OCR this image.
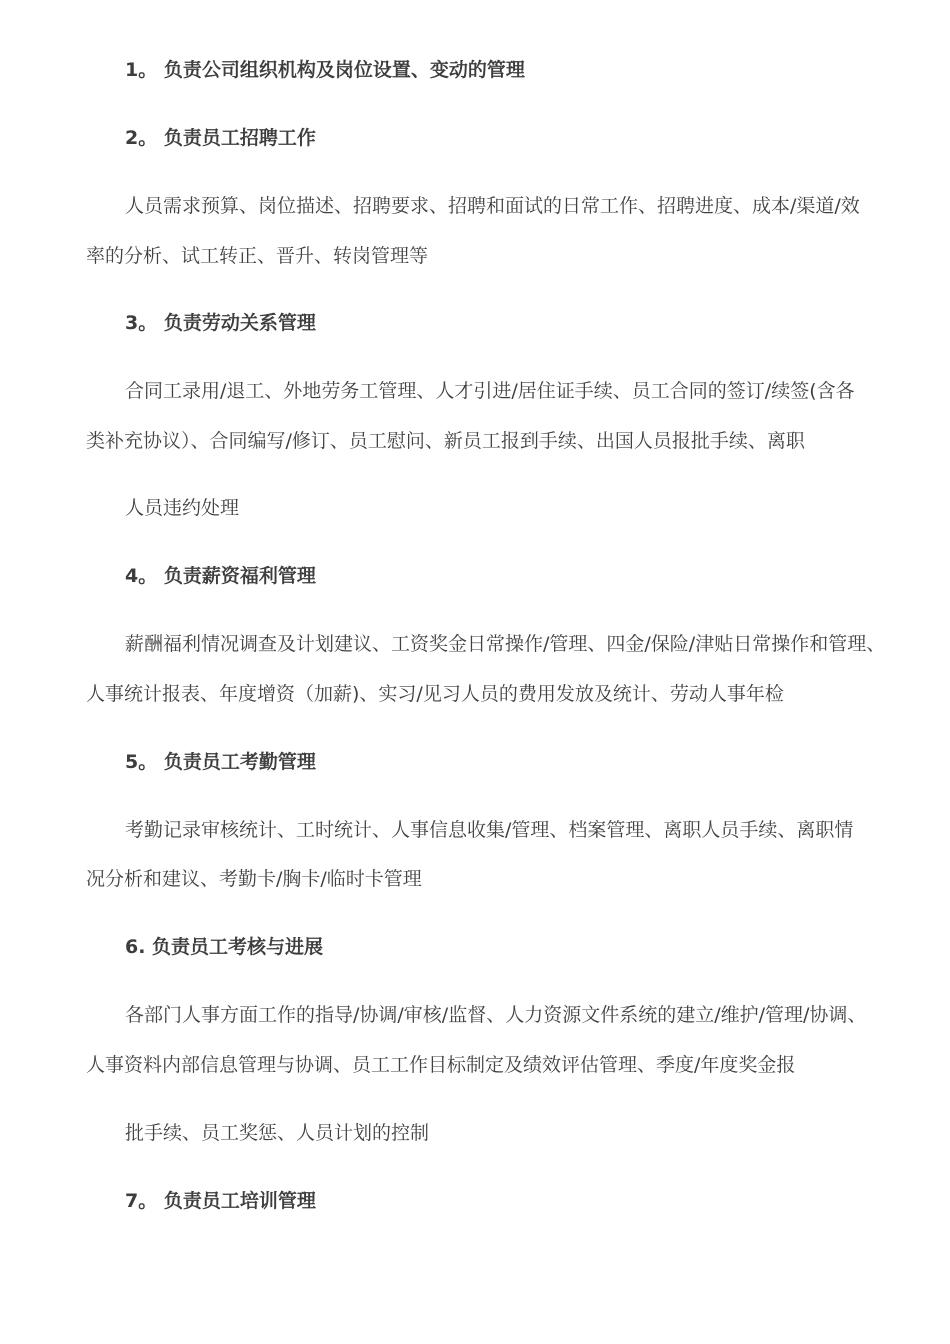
1。 负责公司组织机构及岗位设置、变动的管理
2。 负责员工招聘工作
人员需求预算、岗位描述、招聘要求、招聘和面试的日常工作、招聘进度、成本/渠道/效
率的分析、试工转正、晋升、转岗管理等
3。 负责劳动关系管理
合同工录用/退工、外地劳务工管理、人才引进/居住证手续、员工合同的签订/续签(含各
类补充协议）、合同编写/修订、员工慰问、新员工报到手续、出国人员报批手续、离职
人员违约处理
4。 负责薪资福利管理
薪酬福利情况调查及计划建议、工资奖金日常操作/管理、四金/保险/津贴日常操作和管理、
人事统计报表、年度增资（加薪)、实习/见习人员的费用发放及统计、劳动人事年检
5。 负责员工考勤管理
考勤记录审核统计、工时统计、人事信息收集/管理、档案管理、离职人员手续、离职情
况分析和建议、考勤卡/胸卡/临时卡管理
6. 负责员工考核与进展
各部门人事方面工作的指导/协调/审核/监督、人力资源文件系统的建立/维护/管理/协调、
人事资料内部信息管理与协调、员工工作目标制定及绩效评估管理、季度/年度奖金报
批手续、员工奖惩、人员计划的控制
7。 负责员工培训管理
